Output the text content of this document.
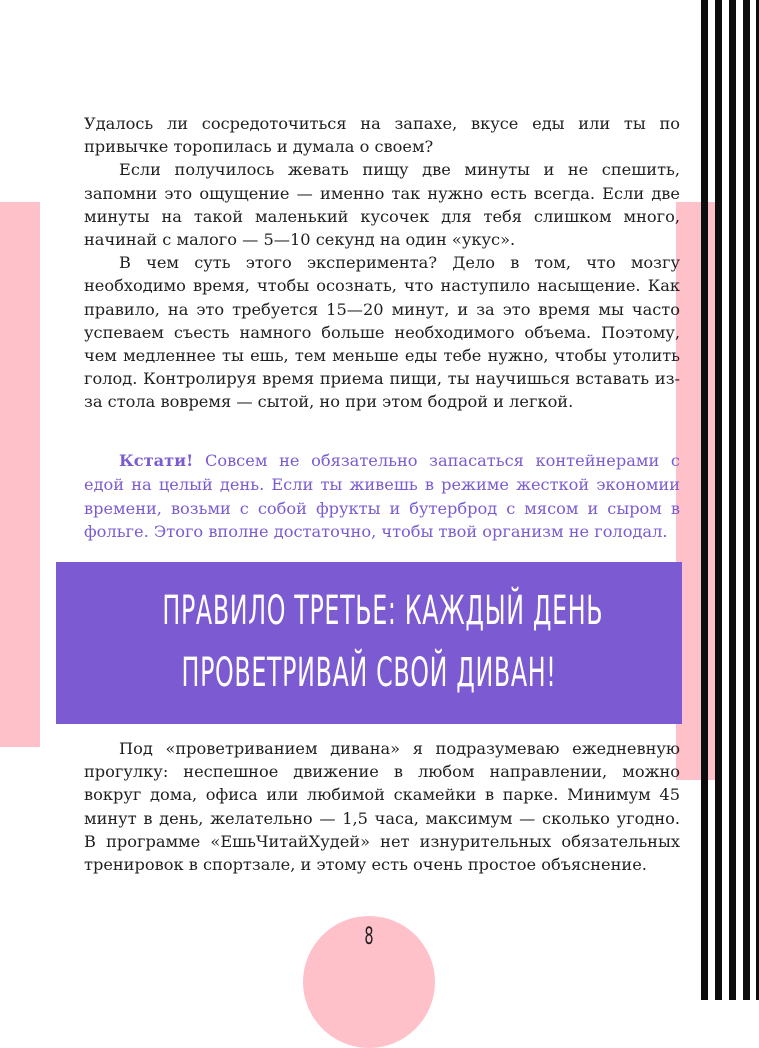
Удалось ли сосредоточиться на запахе, вкусе еды или ты по привычке торопилась и думала о своем?

Если получилось жевать пищу две минуты и не спешить, запомни это ощущение — именно так нужно есть всегда. Если две минуты на такой маленький кусочек для тебя слишком много, начинай с малого — 5—10 секунд на один «укус».

В чем суть этого эксперимента? Дело в том, что мозгу необходимо время, чтобы осознать, что наступило насыщение. Как правило, на это требуется 15—20 минут, и за это время мы часто успеваем съесть намного больше необходимого объема. Поэтому, чем медленнее ты ешь, тем меньше еды тебе нужно, чтобы утолить голод. Контролируя время приема пищи, ты научишься вставать из-за стола вовремя — сытой, но при этом бодрой и легкой.

Кстати! Совсем не обязательно запасаться контейнерами с едой на целый день. Если ты живешь в режиме жесткой экономии времени, возьми с собой фрукты и бутерброд с мясом и сыром в фольге. Этого вполне достаточно, чтобы твой организм не голодал.

ПРАВИЛО ТРЕТЬЕ: КАЖДЫЙ ДЕНЬ
ПРОВЕТРИВАЙ СВОЙ ДИВАН!

Под «проветриванием дивана» я подразумеваю ежедневную прогулку: неспешное движение в любом направлении, можно вокруг дома, офиса или любимой скамейки в парке. Минимум 45 минут в день, желательно — 1,5 часа, максимум — сколько угодно. В программе «ЕшьЧитайХудей» нет изнурительных обязательных тренировок в спортзале, и этому есть очень простое объяснение.

8
